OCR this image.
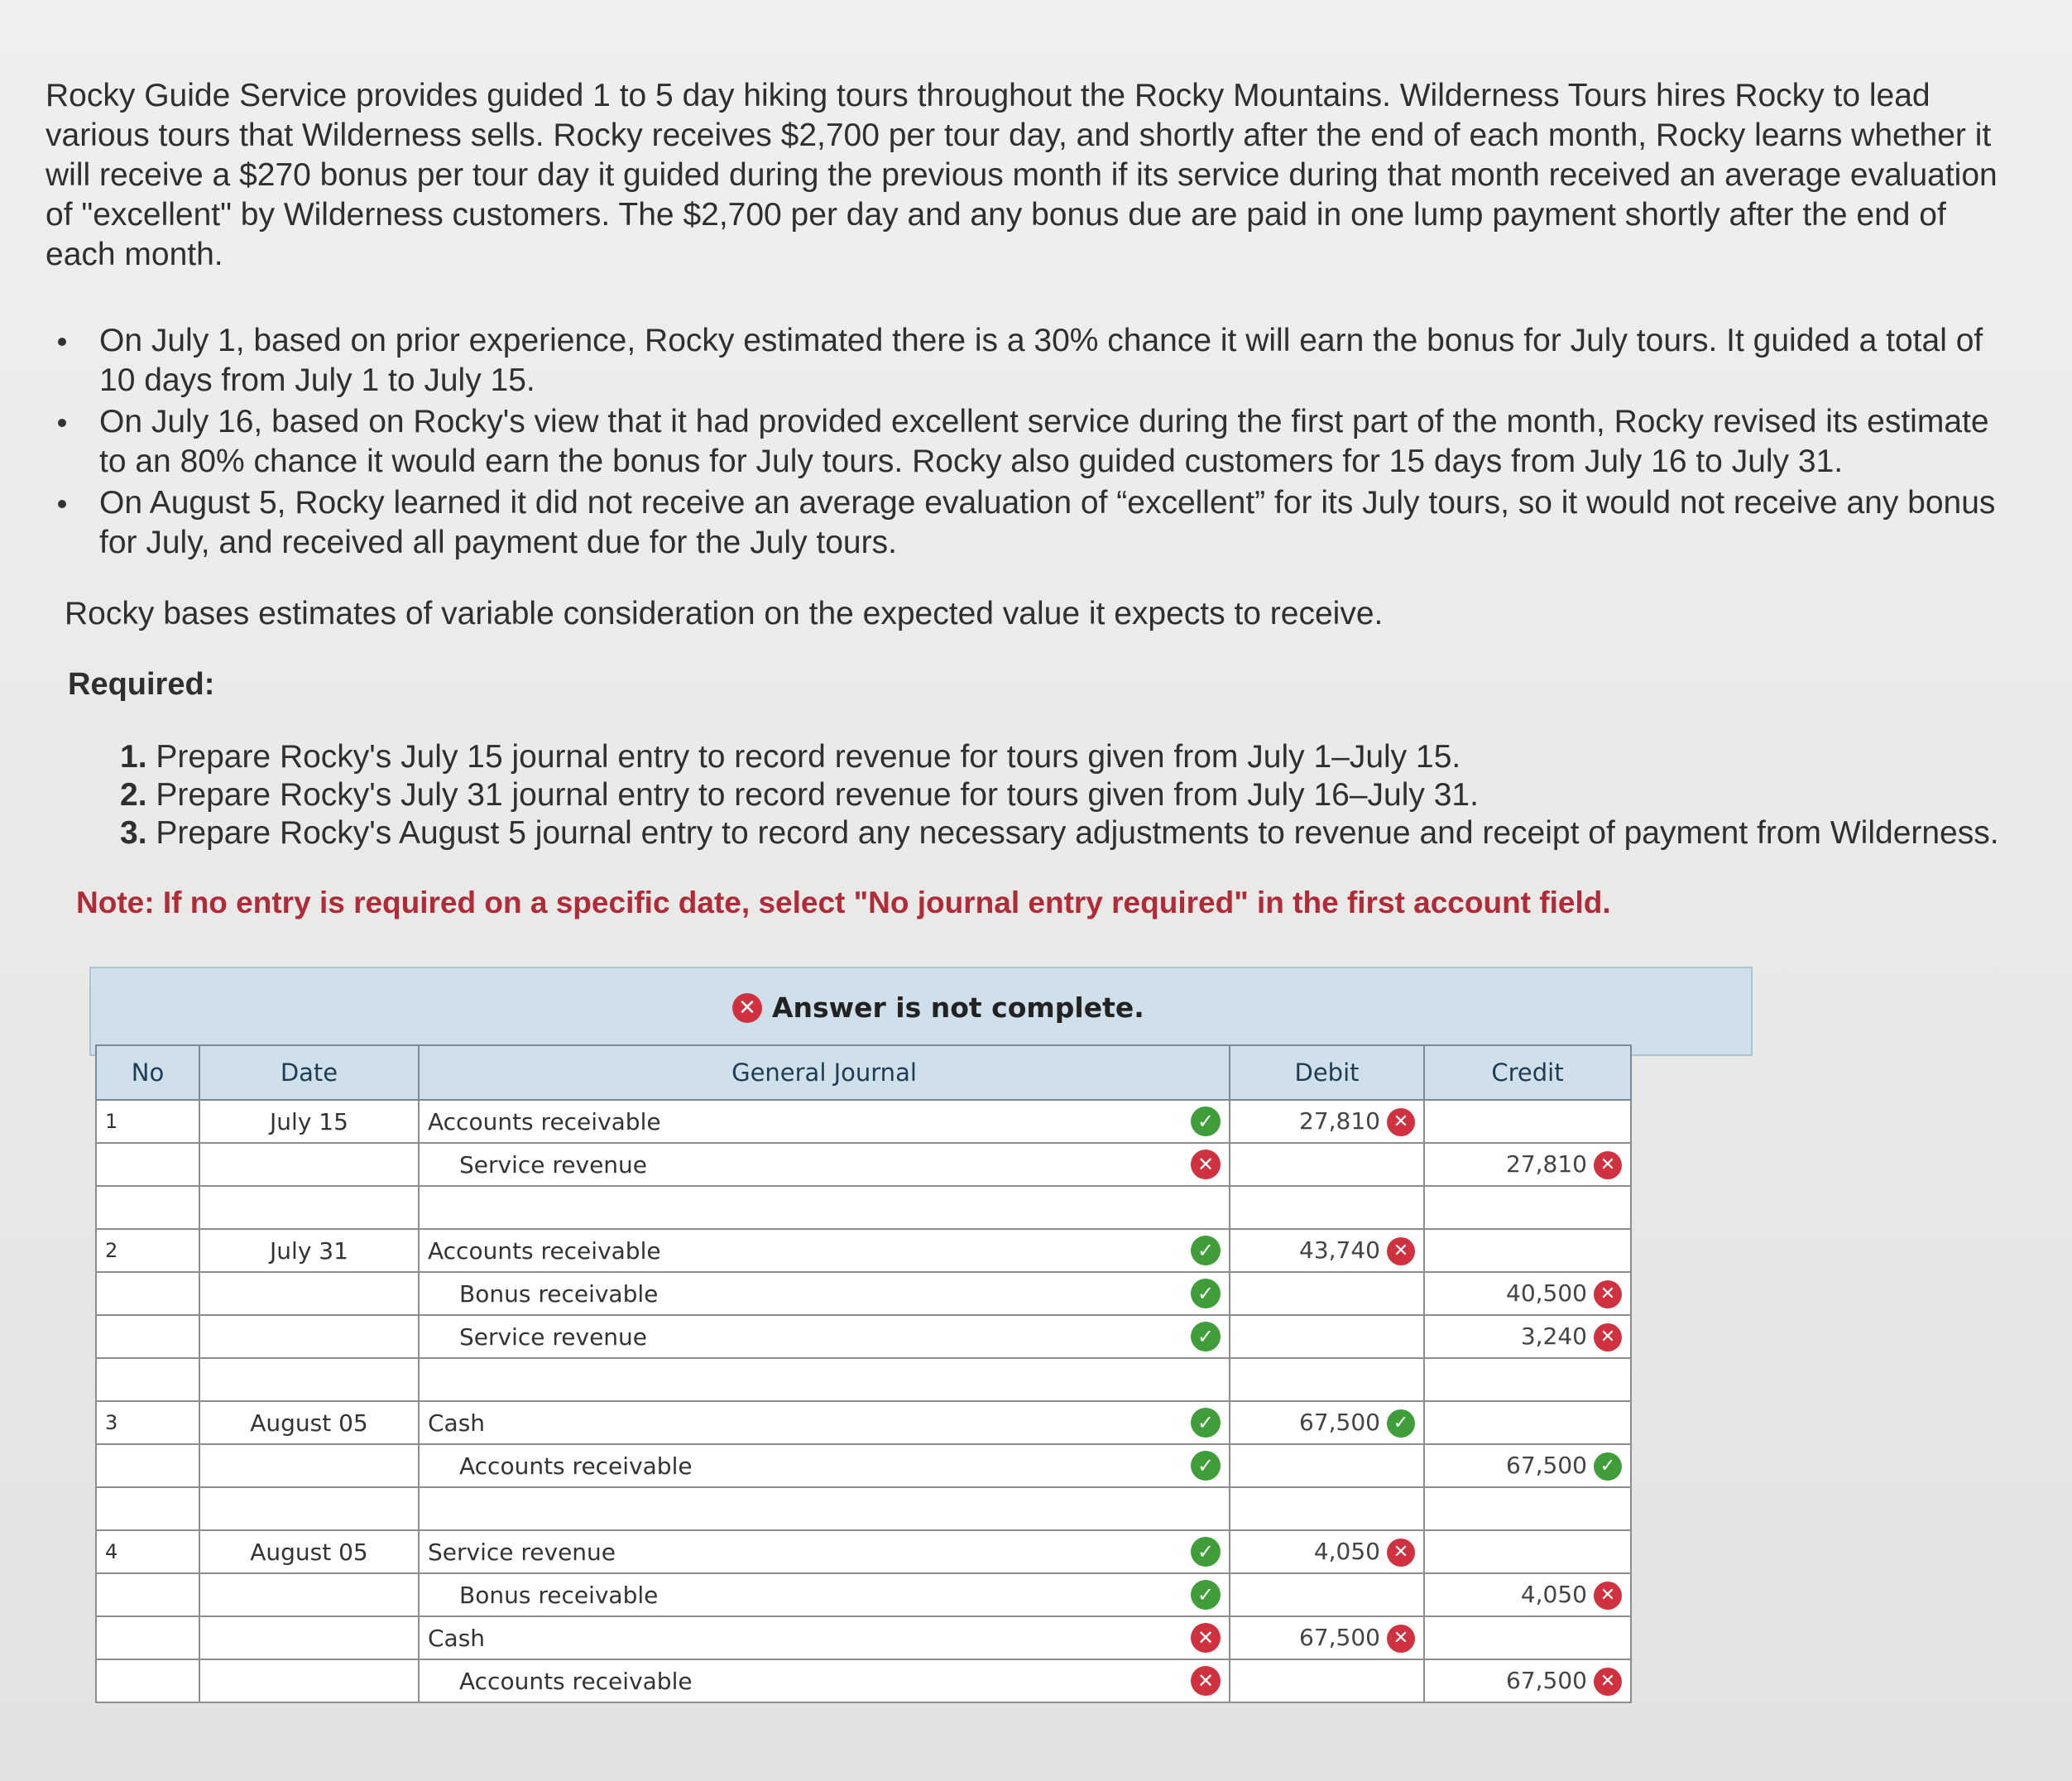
Rocky Guide Service provides guided 1 to 5 day hiking tours throughout the Rocky Mountains. Wilderness Tours hires Rocky to lead various tours that Wilderness sells. Rocky receives $2,700 per tour day, and shortly after the end of each month, Rocky learns whether it will receive a $270 bonus per tour day it guided during the previous month if its service during that month received an average evaluation of "excellent" by Wilderness customers. The $2,700 per day and any bonus due are paid in one lump payment shortly after the end of each month.
On July 1, based on prior experience, Rocky estimated there is a 30% chance it will earn the bonus for July tours. It guided a total of 10 days from July 1 to July 15.
On July 16, based on Rocky's view that it had provided excellent service during the first part of the month, Rocky revised its estimate to an 80% chance it would earn the bonus for July tours. Rocky also guided customers for 15 days from July 16 to July 31.
On August 5, Rocky learned it did not receive an average evaluation of “excellent” for its July tours, so it would not receive any bonus for July, and received all payment due for the July tours.
Rocky bases estimates of variable consideration on the expected value it expects to receive.
Required:
1. Prepare Rocky's July 15 journal entry to record revenue for tours given from July 1–July 15.
2. Prepare Rocky's July 31 journal entry to record revenue for tours given from July 16–July 31.
3. Prepare Rocky's August 5 journal entry to record any necessary adjustments to revenue and receipt of payment from Wilderness.
Note: If no entry is required on a specific date, select "No journal entry required" in the first account field.
✕ Answer is not complete.
No	Date	General Journal	Debit	Credit
1	July 15	Accounts receivable ✓	27,810 ✕	
		Service revenue ✕		27,810 ✕

2	July 31	Accounts receivable ✓	43,740 ✕	
		Bonus receivable ✓		40,500 ✕
		Service revenue ✓		3,240 ✕

3	August 05	Cash ✓	67,500 ✓	
		Accounts receivable ✓		67,500 ✓

4	August 05	Service revenue ✓	4,050 ✕	
		Bonus receivable ✓		4,050 ✕
		Cash ✕	67,500 ✕	
		Accounts receivable ✕		67,500 ✕
